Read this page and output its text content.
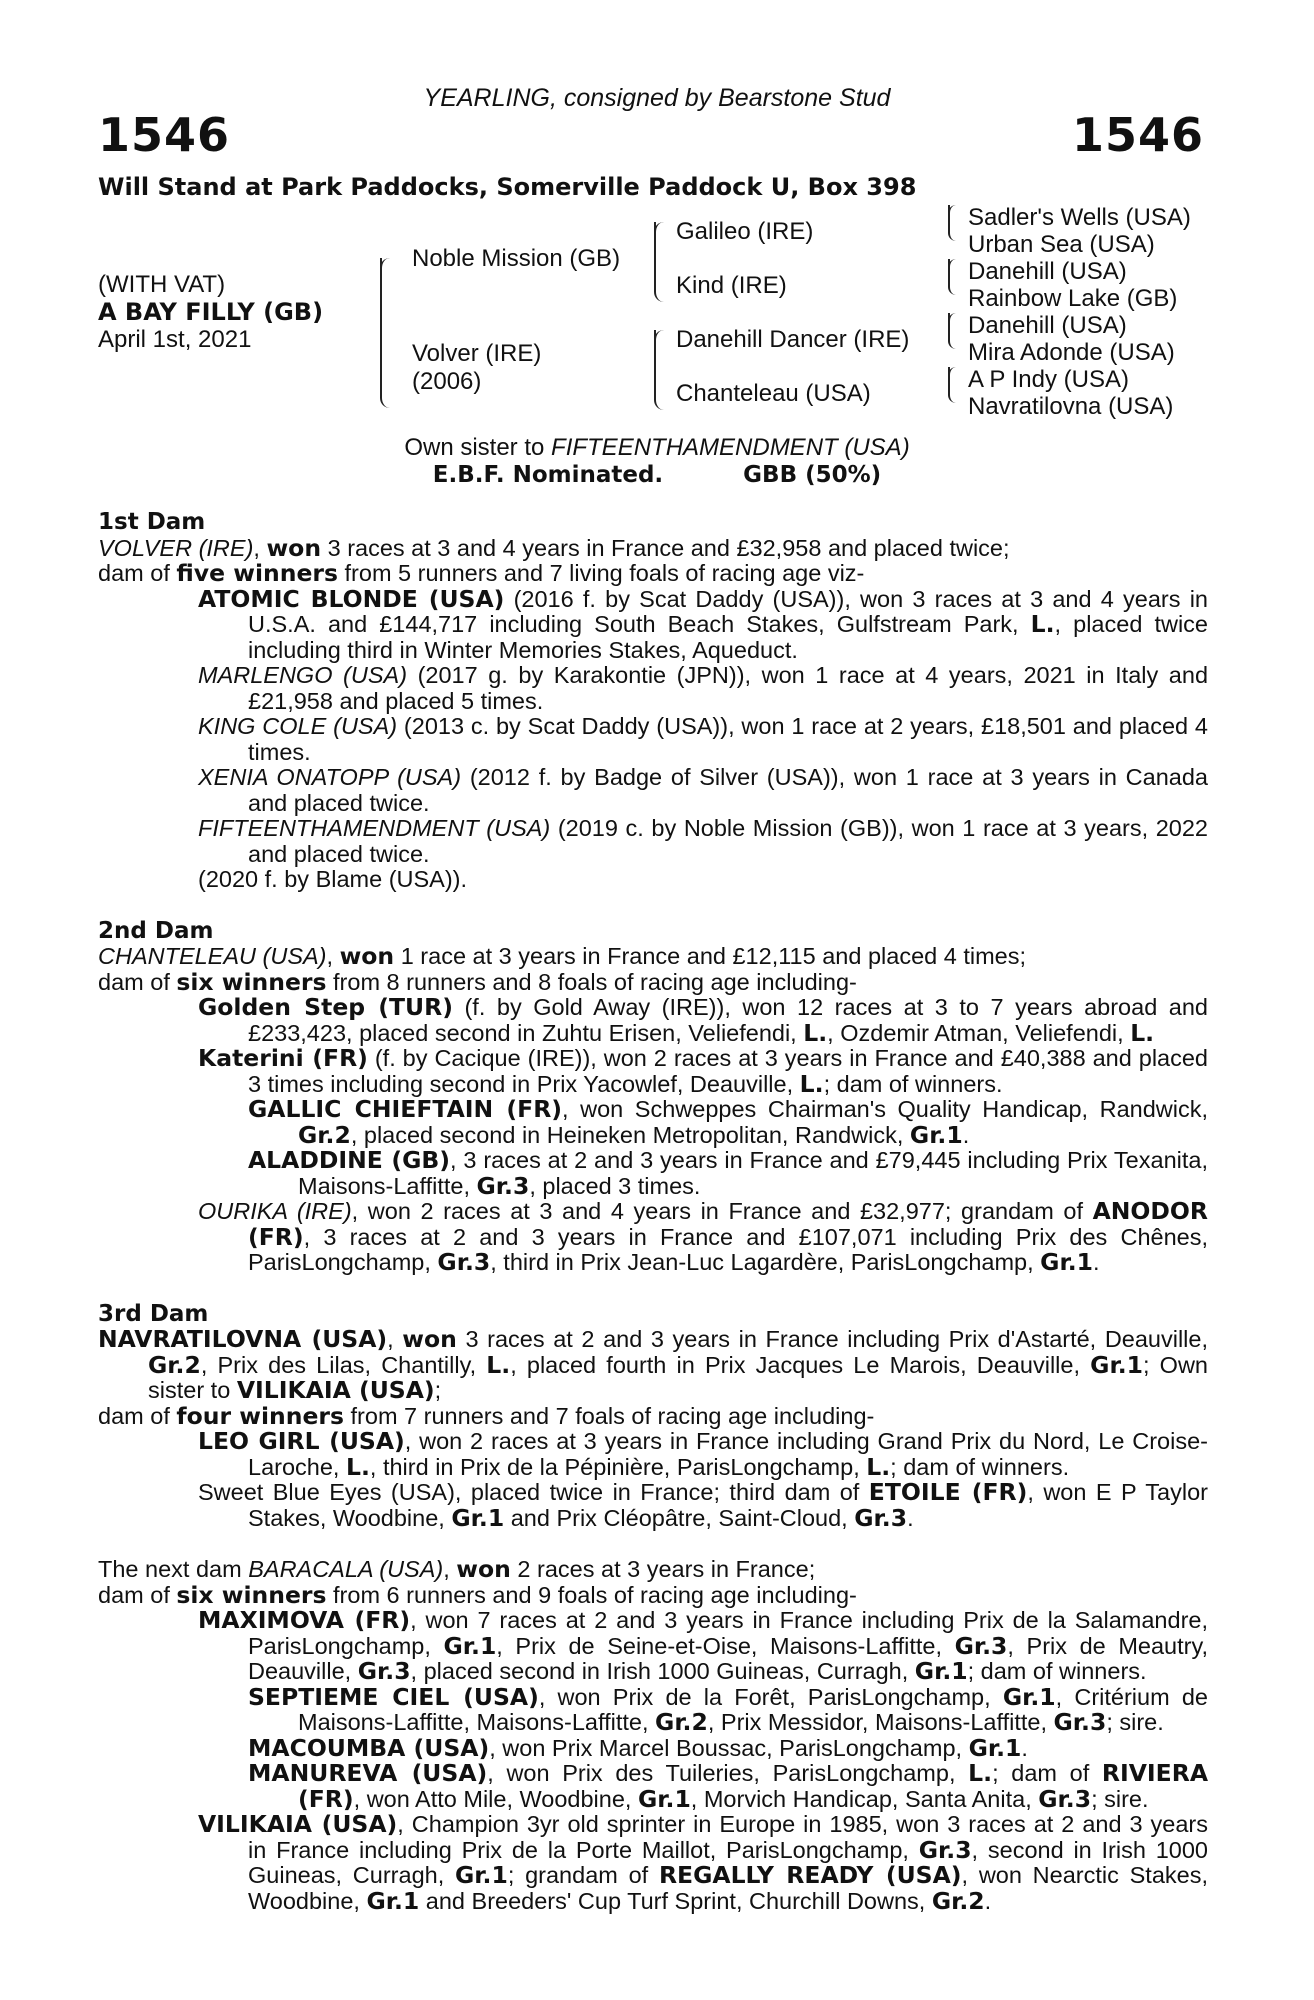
YEARLING, consigned by Bearstone Stud
1546	1546
Will Stand at Park Paddocks, Somerville Paddock U, Box 398
(WITH VAT)
A BAY FILLY (GB)
April 1st, 2021
Noble Mission (GB)
Volver (IRE)
(2006)
Galileo (IRE)
Kind (IRE)
Danehill Dancer (IRE)
Chanteleau (USA)
Sadler's Wells (USA)
Urban Sea (USA)
Danehill (USA)
Rainbow Lake (GB)
Danehill (USA)
Mira Adonde (USA)
A P Indy (USA)
Navratilovna (USA)
Own sister to FIFTEENTHAMENDMENT (USA)
E.B.F. Nominated.	GBB (50%)

1st Dam

VOLVER (IRE), won 3 races at 3 and 4 years in France and £32,958 and placed twice;

dam of five winners from 5 runners and 7 living foals of racing age viz-

ATOMIC BLONDE (USA) (2016 f. by Scat Daddy (USA)), won 3 races at 3 and 4 years in U.S.A. and £144,717 including South Beach Stakes, Gulfstream Park, L., placed twice including third in Winter Memories Stakes, Aqueduct.

MARLENGO (USA) (2017 g. by Karakontie (JPN)), won 1 race at 4 years, 2021 in Italy and £21,958 and placed 5 times.

KING COLE (USA) (2013 c. by Scat Daddy (USA)), won 1 race at 2 years, £18,501 and placed 4 times.

XENIA ONATOPP (USA) (2012 f. by Badge of Silver (USA)), won 1 race at 3 years in Canada and placed twice.

FIFTEENTHAMENDMENT (USA) (2019 c. by Noble Mission (GB)), won 1 race at 3 years, 2022 and placed twice.

(2020 f. by Blame (USA)).

2nd Dam

CHANTELEAU (USA), won 1 race at 3 years in France and £12,115 and placed 4 times;

dam of six winners from 8 runners and 8 foals of racing age including-

Golden Step (TUR) (f. by Gold Away (IRE)), won 12 races at 3 to 7 years abroad and £233,423, placed second in Zuhtu Erisen, Veliefendi, L., Ozdemir Atman, Veliefendi, L.

Katerini (FR) (f. by Cacique (IRE)), won 2 races at 3 years in France and £40,388 and placed 3 times including second in Prix Yacowlef, Deauville, L.; dam of winners.

GALLIC CHIEFTAIN (FR), won Schweppes Chairman's Quality Handicap, Randwick, Gr.2, placed second in Heineken Metropolitan, Randwick, Gr.1.

ALADDINE (GB), 3 races at 2 and 3 years in France and £79,445 including Prix Texanita, Maisons-Laffitte, Gr.3, placed 3 times.

OURIKA (IRE), won 2 races at 3 and 4 years in France and £32,977; grandam of ANODOR (FR), 3 races at 2 and 3 years in France and £107,071 including Prix des Chênes, ParisLongchamp, Gr.3, third in Prix Jean-Luc Lagardère, ParisLongchamp, Gr.1.

3rd Dam

NAVRATILOVNA (USA), won 3 races at 2 and 3 years in France including Prix d'Astarté, Deauville, Gr.2, Prix des Lilas, Chantilly, L., placed fourth in Prix Jacques Le Marois, Deauville, Gr.1; Own sister to VILIKAIA (USA);

dam of four winners from 7 runners and 7 foals of racing age including-

LEO GIRL (USA), won 2 races at 3 years in France including Grand Prix du Nord, Le Croise-Laroche, L., third in Prix de la Pépinière, ParisLongchamp, L.; dam of winners.

Sweet Blue Eyes (USA), placed twice in France; third dam of ETOILE (FR), won E P Taylor Stakes, Woodbine, Gr.1 and Prix Cléopâtre, Saint-Cloud, Gr.3.

The next dam BARACALA (USA), won 2 races at 3 years in France;

dam of six winners from 6 runners and 9 foals of racing age including-

MAXIMOVA (FR), won 7 races at 2 and 3 years in France including Prix de la Salamandre, ParisLongchamp, Gr.1, Prix de Seine-et-Oise, Maisons-Laffitte, Gr.3, Prix de Meautry, Deauville, Gr.3, placed second in Irish 1000 Guineas, Curragh, Gr.1; dam of winners.

SEPTIEME CIEL (USA), won Prix de la Forêt, ParisLongchamp, Gr.1, Critérium de Maisons-Laffitte, Maisons-Laffitte, Gr.2, Prix Messidor, Maisons-Laffitte, Gr.3; sire.

MACOUMBA (USA), won Prix Marcel Boussac, ParisLongchamp, Gr.1.

MANUREVA (USA), won Prix des Tuileries, ParisLongchamp, L.; dam of RIVIERA (FR), won Atto Mile, Woodbine, Gr.1, Morvich Handicap, Santa Anita, Gr.3; sire.

VILIKAIA (USA), Champion 3yr old sprinter in Europe in 1985, won 3 races at 2 and 3 years in France including Prix de la Porte Maillot, ParisLongchamp, Gr.3, second in Irish 1000 Guineas, Curragh, Gr.1; grandam of REGALLY READY (USA), won Nearctic Stakes, Woodbine, Gr.1 and Breeders' Cup Turf Sprint, Churchill Downs, Gr.2.
